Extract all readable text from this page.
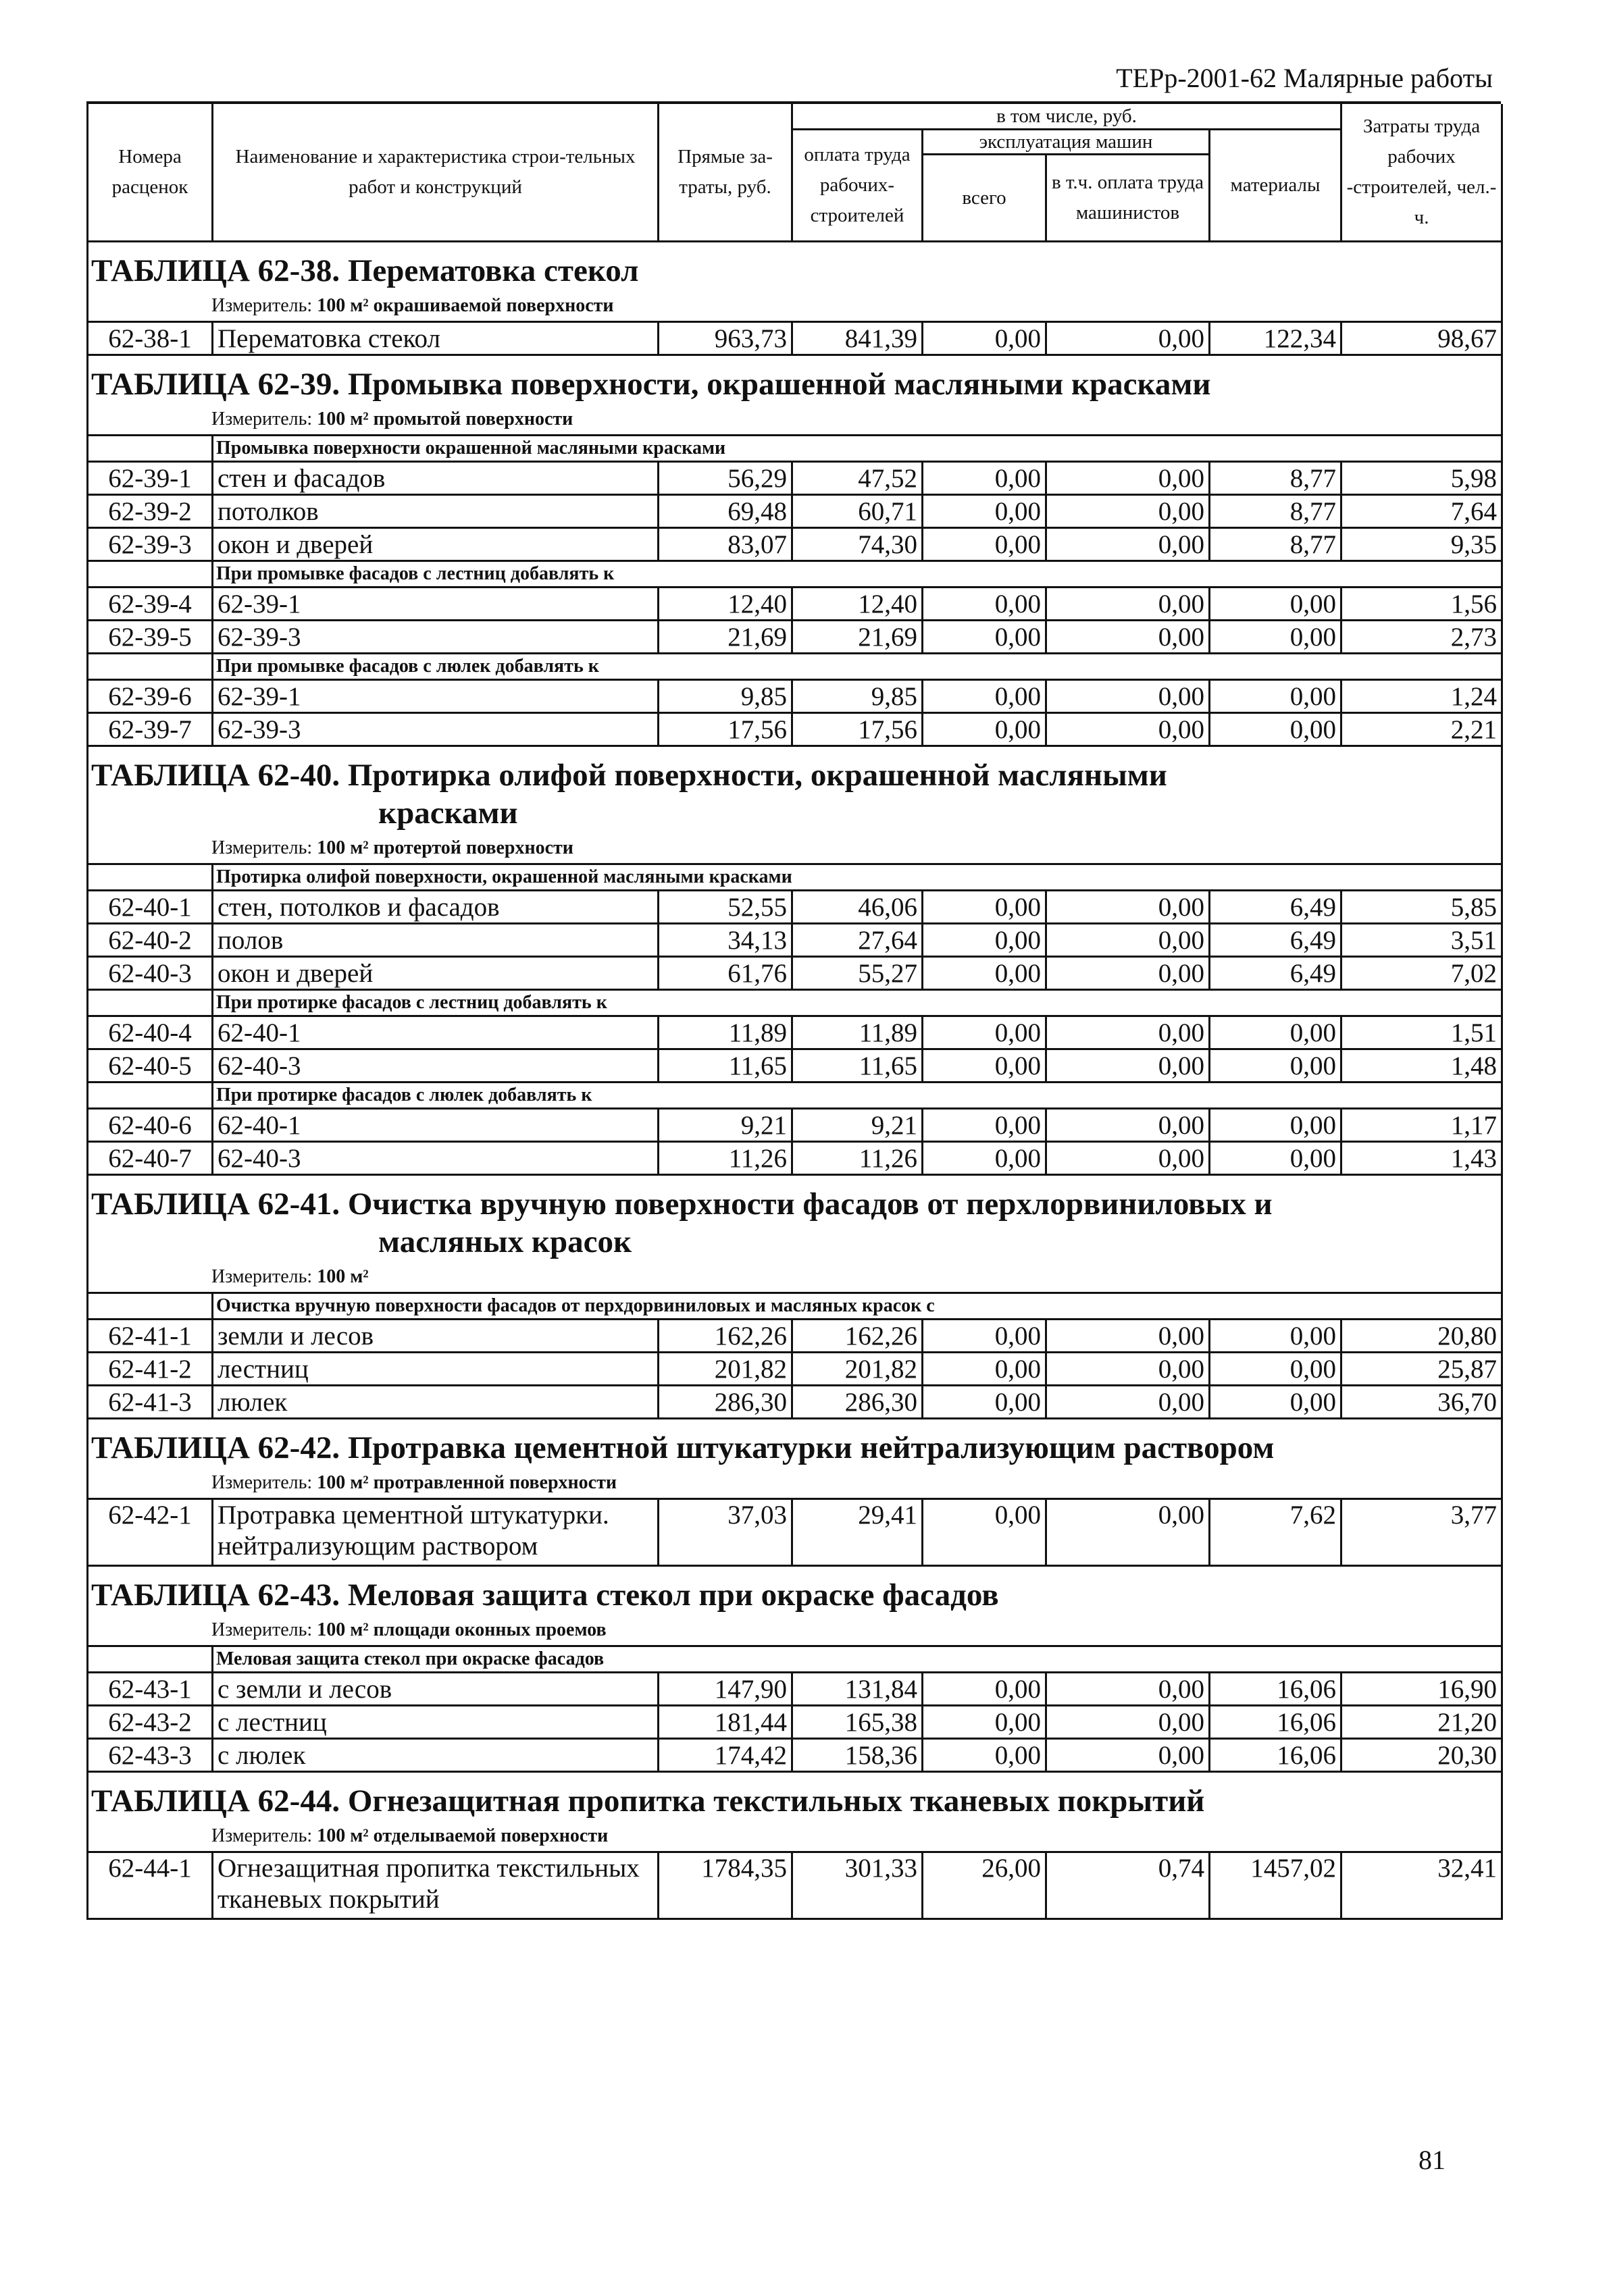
ТЕРр-2001-62 Малярные работы
Номера расценок	Наименование и характеристика строи-тельных работ и конструкций	Прямые за-траты, руб.	в том числе, руб.				Затраты труда рабочих -строителей, чел.-ч.
			оплата труда рабочих-строителей	эксплуатация машин		материалы	
				всего	в т.ч. оплата труда машинистов		

ТАБЛИЦА 62-38. Перематовка стекол
Измеритель: 100 м² окрашиваемой поверхности							

62-38-1	Перематовка стекол	963,73	841,39	0,00	0,00	122,34	98,67

ТАБЛИЦА 62-39. Промывка поверхности, окрашенной масляными красками
Измеритель: 100 м² промытой поверхности							

	Промывка поверхности окрашенной масляными красками						
62-39-1	стен и фасадов	56,29	47,52	0,00	0,00	8,77	5,98
62-39-2	потолков	69,48	60,71	0,00	0,00	8,77	7,64
62-39-3	окон и дверей	83,07	74,30	0,00	0,00	8,77	9,35
	При промывке фасадов с лестниц добавлять к						
62-39-4	62-39-1	12,40	12,40	0,00	0,00	0,00	1,56
62-39-5	62-39-3	21,69	21,69	0,00	0,00	0,00	2,73
	При промывке фасадов с люлек добавлять к						
62-39-6	62-39-1	9,85	9,85	0,00	0,00	0,00	1,24
62-39-7	62-39-3	17,56	17,56	0,00	0,00	0,00	2,21

ТАБЛИЦА 62-40. Протирка олифой поверхности, окрашенной масляными
красками
Измеритель: 100 м² протертой поверхности							

	Протирка олифой поверхности, окрашенной масляными красками						
62-40-1	стен, потолков и фасадов	52,55	46,06	0,00	0,00	6,49	5,85
62-40-2	полов	34,13	27,64	0,00	0,00	6,49	3,51
62-40-3	окон и дверей	61,76	55,27	0,00	0,00	6,49	7,02
	При протирке фасадов с лестниц добавлять к						
62-40-4	62-40-1	11,89	11,89	0,00	0,00	0,00	1,51
62-40-5	62-40-3	11,65	11,65	0,00	0,00	0,00	1,48
	При протирке фасадов с люлек добавлять к						
62-40-6	62-40-1	9,21	9,21	0,00	0,00	0,00	1,17
62-40-7	62-40-3	11,26	11,26	0,00	0,00	0,00	1,43

ТАБЛИЦА 62-41. Очистка вручную поверхности фасадов от перхлорвиниловых и
масляных красок
Измеритель: 100 м²							

	Очистка вручную поверхности фасадов от перхдорвиниловых и масляных красок с						
62-41-1	земли и лесов	162,26	162,26	0,00	0,00	0,00	20,80
62-41-2	лестниц	201,82	201,82	0,00	0,00	0,00	25,87
62-41-3	люлек	286,30	286,30	0,00	0,00	0,00	36,70

ТАБЛИЦА 62-42. Протравка цементной штукатурки нейтрализующим раствором
Измеритель: 100 м² протравленной поверхности							

62-42-1	Протравка цементной штукатурки. нейтрализующим раствором	37,03	29,41	0,00	0,00	7,62	3,77

ТАБЛИЦА 62-43. Меловая защита стекол при окраске фасадов
Измеритель: 100 м² площади оконных проемов							

	Меловая защита стекол при окраске фасадов						
62-43-1	с земли и лесов	147,90	131,84	0,00	0,00	16,06	16,90
62-43-2	с лестниц	181,44	165,38	0,00	0,00	16,06	21,20
62-43-3	с люлек	174,42	158,36	0,00	0,00	16,06	20,30

ТАБЛИЦА 62-44. Огнезащитная пропитка текстильных тканевых покрытий
Измеритель: 100 м² отделываемой поверхности							

62-44-1	Огнезащитная пропитка текстильных тканевых покрытий	1784,35	301,33	26,00	0,74	1457,02	32,41
81
